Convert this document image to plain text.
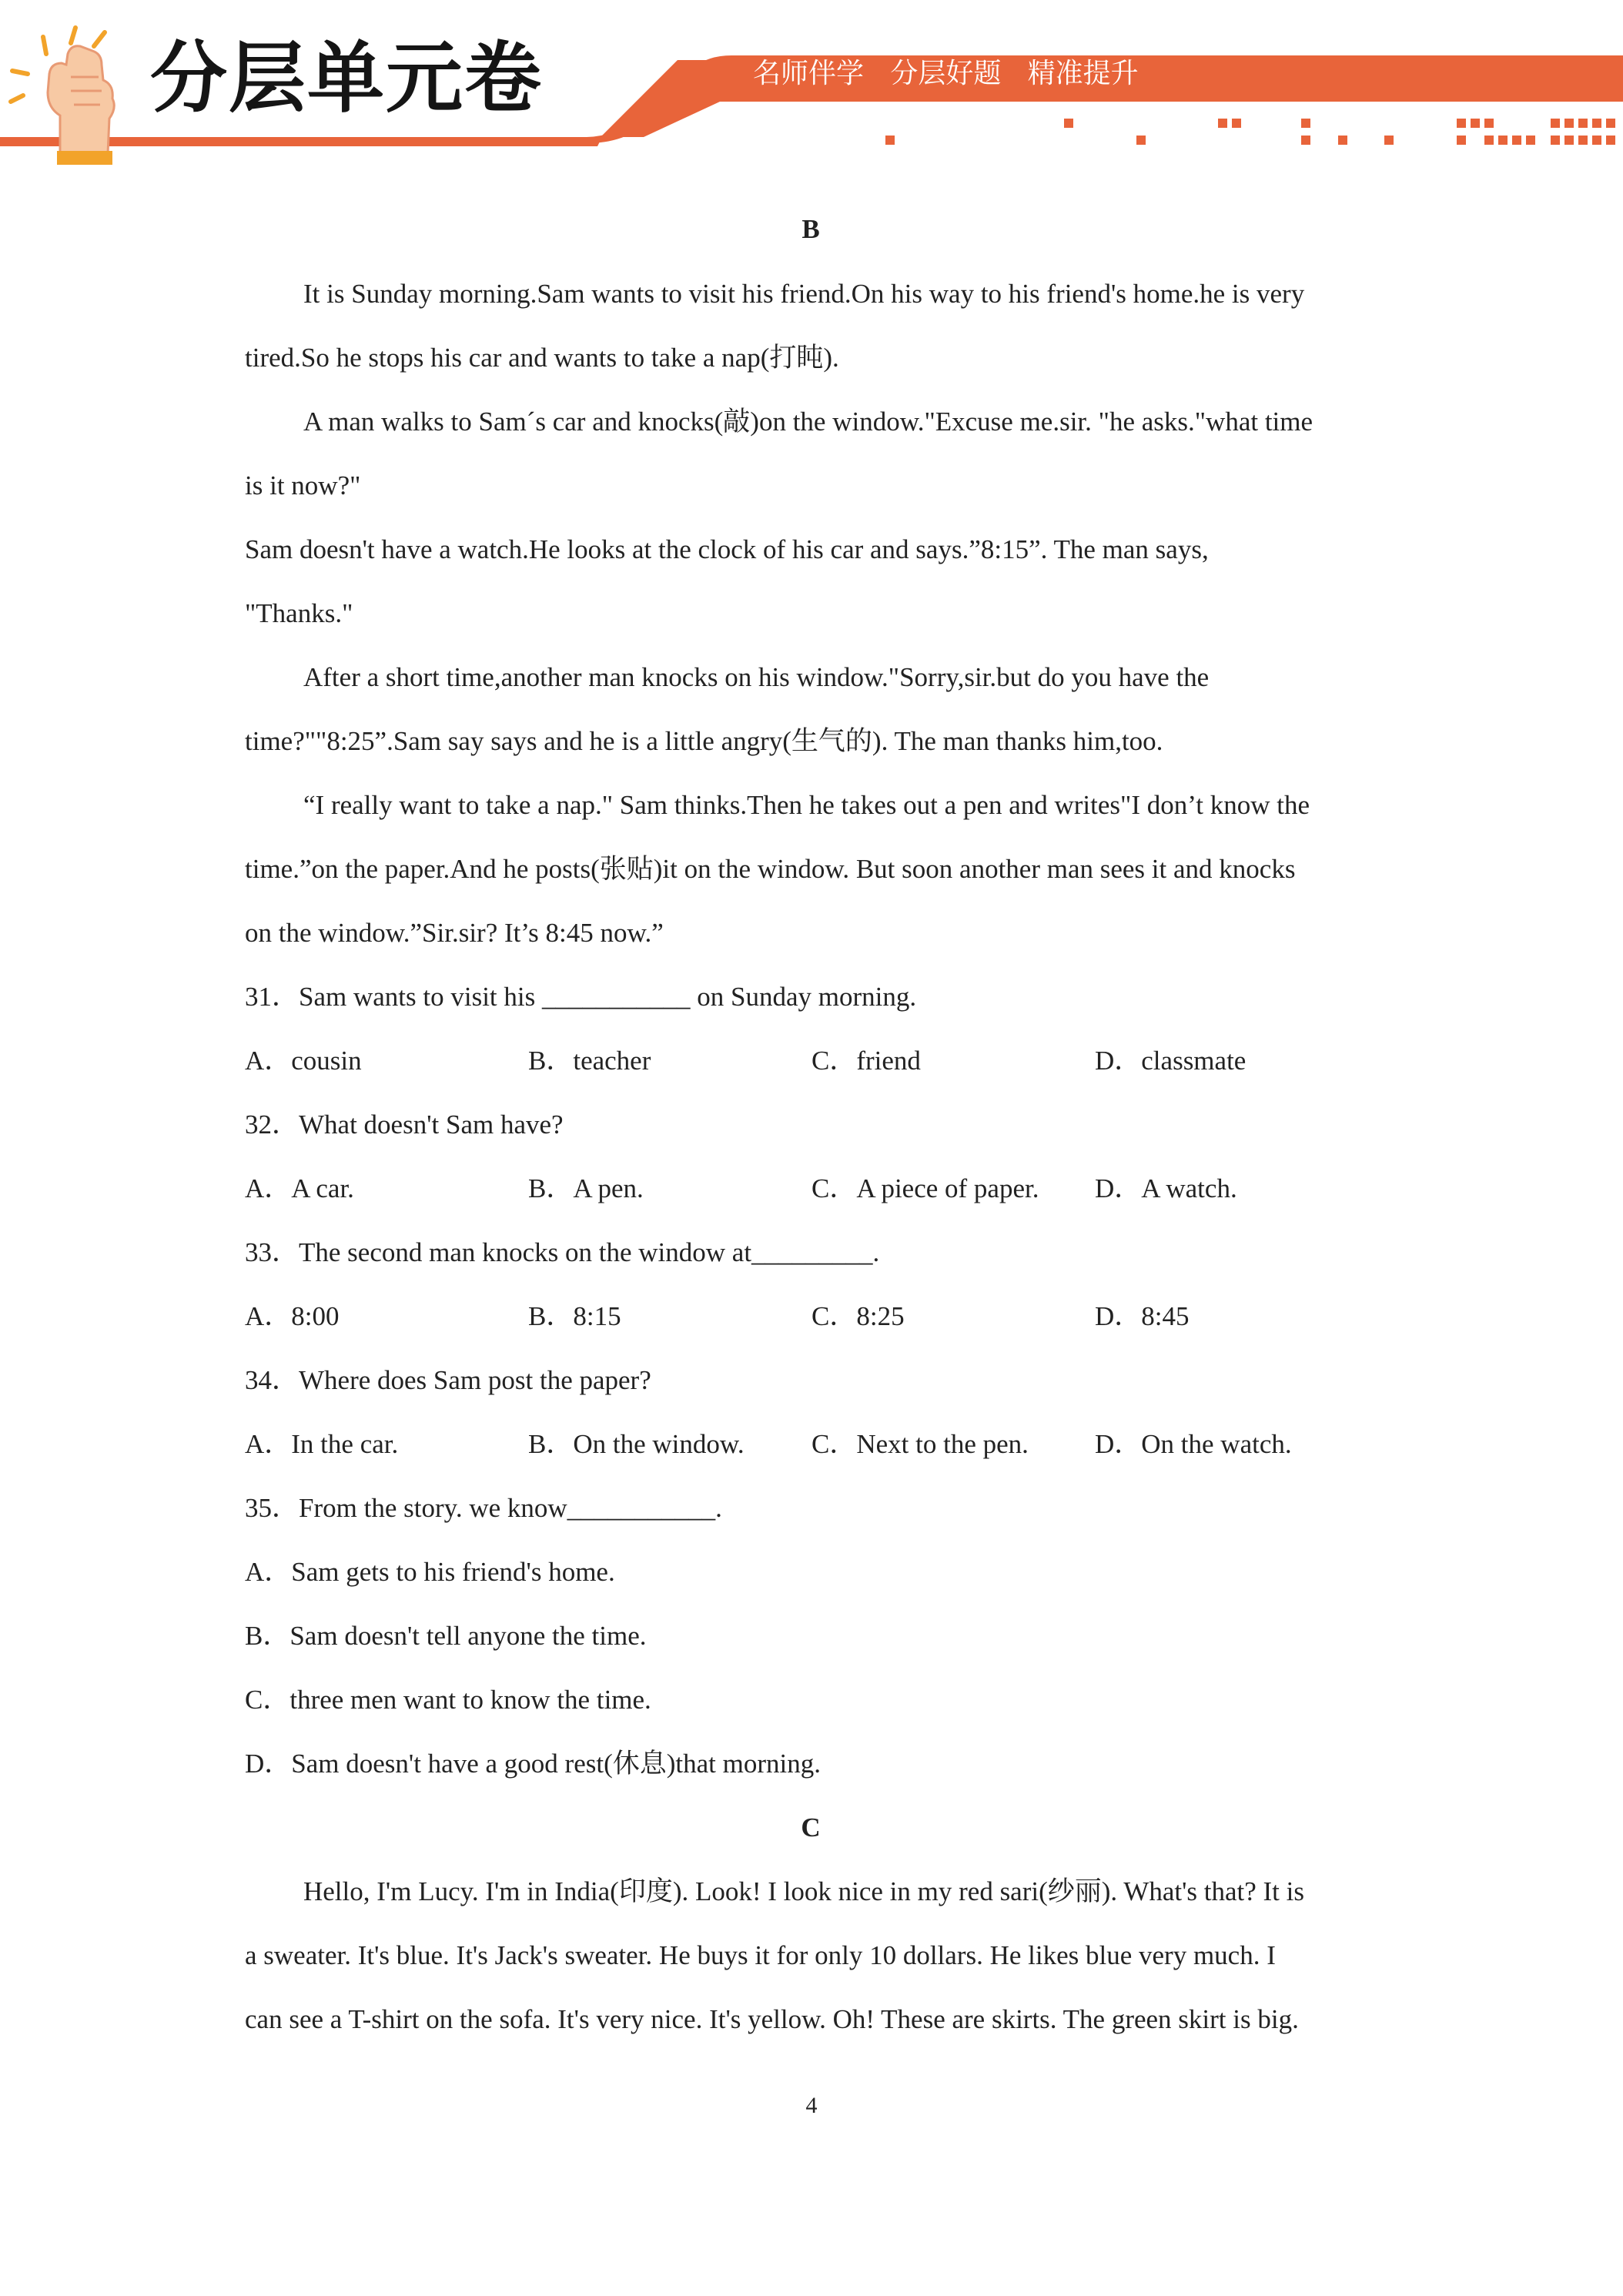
分层单元卷	名师伴学   分层好题   精准提升
B
It is Sunday morning.Sam wants to visit his friend.On his way to his friend's home.he is very
tired.So he stops his car and wants to take a nap(打盹).
A man walks to Sam´s car and knocks(敲)on the window."Excuse me.sir. "he asks."what time
is it now?"
Sam doesn't have a watch.He looks at the clock of his car and says.”8:15”. The man says,
"Thanks."
After a short time,another man knocks on his window."Sorry,sir.but do you have the
time?""8:25”.Sam say says and he is a little angry(生气的). The man thanks him,too.
“I really want to take a nap." Sam thinks.Then he takes out a pen and writes"I don’t know the
time.”on the paper.And he posts(张贴)it on the window. But soon another man sees it and knocks
on the window.”Sir.sir? It’s 8:45 now.”
31．Sam wants to visit his ___________ on Sunday morning.
A．cousin	B．teacher	C．friend	D．classmate
32．What doesn't Sam have?
A．A car.	B．A pen.	C．A piece of paper. D．A watch.
33．The second man knocks on the window at_________.
A．8:00	B．8:15	C．8:25	D．8:45
34．Where does Sam post the paper?
A．In the car.	B．On the window. C．Next to the pen. D．On the watch.
35．From the story. we know___________.
A．Sam gets to his friend's home.
B．Sam doesn't tell anyone the time.
C．three men want to know the time.
D．Sam doesn't have a good rest(休息)that morning.
C
Hello, I'm Lucy. I'm in India(印度). Look! I look nice in my red sari(纱丽). What's that? It is
a sweater. It's blue. It's Jack's sweater. He buys it for only 10 dollars. He likes blue very much. I
can see a T-shirt on the sofa. It's very nice. It's yellow. Oh! These are skirts. The green skirt is big.
4
